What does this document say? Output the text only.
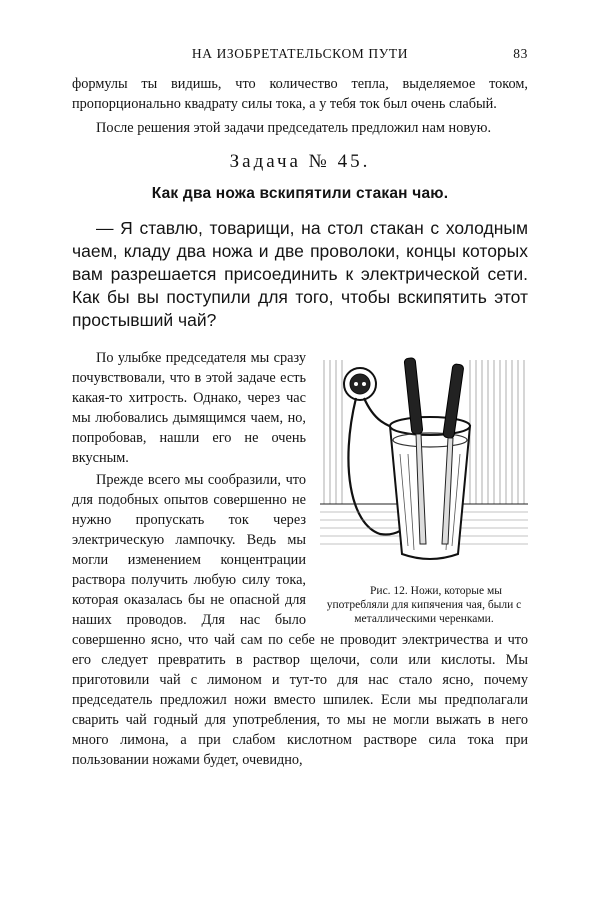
НА ИЗОБРЕТАТЕЛЬСКОМ ПУТИ	83

формулы ты видишь, что количество тепла, выделяемое током, пропорционально квадрату силы тока, а у тебя ток был очень слабый.

После решения этой задачи председатель предложил нам новую.

Задача № 45.
Как два ножа вскипятили стакан чаю.

— Я ставлю, товарищи, на стол стакан с холодным чаем, кладу два ножа и две проволоки, концы которых вам разрешается присоединить к электрической сети. Как бы вы поступили для того, чтобы вскипятить этот простывший чай?

Рис. 12. Ножи, которые мы употребляли для кипячения чая, были с металлическими черенками.
По улыбке председателя мы сразу почувствовали, что в этой задаче есть какая-то хитрость. Однако, через час мы любовались дымящимся чаем, но, попробовав, нашли его не очень вкусным.

Прежде всего мы сообразили, что для подобных опытов совершенно не нужно пропускать ток через электрическую лампочку. Ведь мы могли изменением концентрации раствора получить любую силу тока, которая оказалась бы не опасной для наших проводов. Для нас было совершенно ясно, что чай сам по себе не проводит электричества и что его следует превратить в раствор щелочи, соли или кислоты. Мы приготовили чай с лимоном и тут-то для нас стало ясно, почему председатель предложил ножи вместо шпилек. Если мы предполагали сварить чай годный для употребления, то мы не могли выжать в него много лимона, а при слабом кислотном растворе сила тока при пользовании ножами будет, очевидно,
